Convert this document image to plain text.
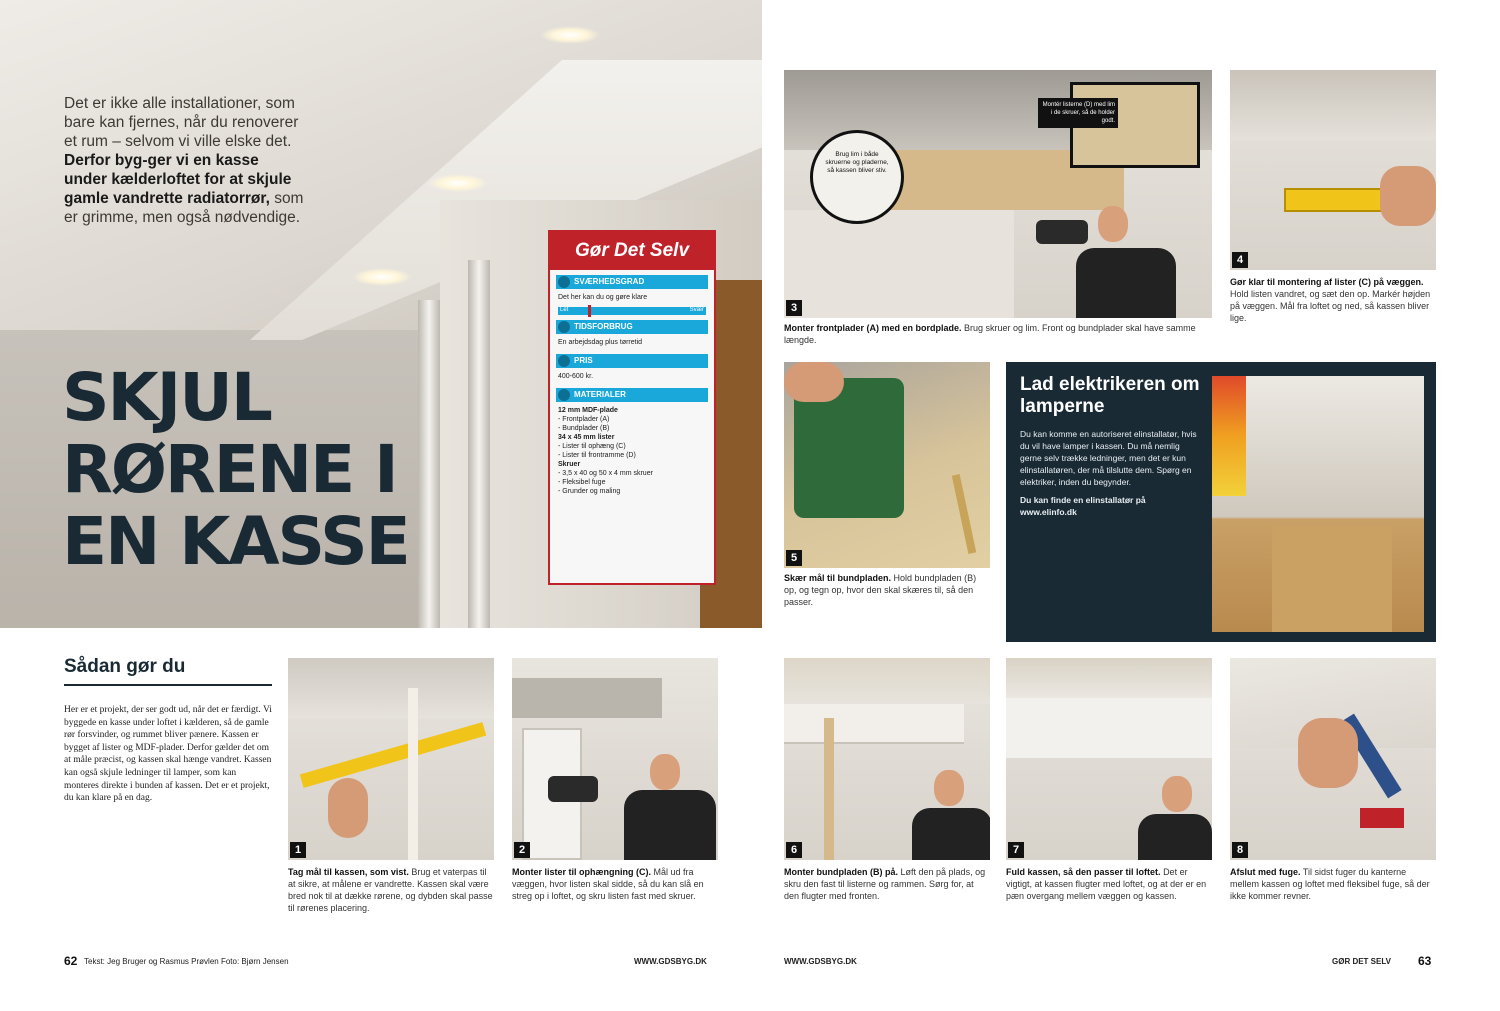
Det er ikke alle installationer, som bare kan fjernes, når du renoverer et rum – selvom vi ville elske det. Derfor byg-ger vi en kasse under kælderloftet for at skjule gamle vandrette radiatorrør, som er grimme, men også nødvendige.
SKJUL
RØRENE I
EN KASSE
Gør Det Selv
SVÆRHEDSGRAD
Det her kan du og gøre klare
Let	Svær
TIDSFORBRUG
En arbejdsdag plus tørretid
PRIS
400-600 kr.
MATERIALER
12 mm MDF-plade
- Frontplader (A)
- Bundplader (B)
34 x 45 mm lister
- Lister til ophæng (C)
- Lister til frontramme (D)
Skruer
- 3,5 x 40 og 50 x 4 mm skruer
- Fleksibel fuge
- Grunder og maling
Sådan gør du
Her er et projekt, der ser godt ud, når det er færdigt. Vi byggede en kasse under loftet i kælderen, så de gamle rør forsvinder, og rummet bliver pænere. Kassen er bygget af lister og MDF-plader. Derfor gælder det om at måle præcist, og kassen skal hænge vandret. Kassen kan også skjule ledninger til lamper, som kan monteres direkte i bunden af kassen. Det er et projekt, du kan klare på en dag.
1
Tag mål til kassen, som vist. Brug et vaterpas til at sikre, at målene er vandrette. Kassen skal være bred nok til at dække rørene, og dybden skal passe til rørenes placering.
2
Monter lister til ophængning (C). Mål ud fra væggen, hvor listen skal sidde, så du kan slå en streg op i loftet, og skru listen fast med skruer.
62 Tekst: Jeg Bruger og Rasmus Prøvlen Foto: Bjørn Jensen	WWW.GDSBYG.DK
Montér listerne (D) med lim i de skruer, så de holder godt.
Brug lim i både skruerne og pladerne, så kassen bliver stiv.
3
Monter frontplader (A) med en bordplade. Brug skruer og lim. Front og bundplader skal have samme længde.
4
Gør klar til montering af lister (C) på væggen. Hold listen vandret, og sæt den op. Markér højden på væggen. Mål fra loftet og ned, så kassen bliver lige.
5
Skær mål til bundpladen. Hold bundpladen (B) op, og tegn op, hvor den skal skæres til, så den passer.
Lad elektrikeren om lamperne
Du kan komme en autoriseret elinstallatør, hvis du vil have lamper i kassen. Du må nemlig gerne selv trække ledninger, men det er kun elinstallatøren, der må tilslutte dem. Spørg en elektriker, inden du begynder.
Du kan finde en elinstallatør på www.elinfo.dk
6
Monter bundpladen (B) på. Løft den på plads, og skru den fast til listerne og rammen. Sørg for, at den flugter med fronten.
7
Fuld kassen, så den passer til loftet. Det er vigtigt, at kassen flugter med loftet, og at der er en pæn overgang mellem væggen og kassen.
8
Afslut med fuge. Til sidst fuger du kanterne mellem kassen og loftet med fleksibel fuge, så der ikke kommer revner.
WWW.GDSBYG.DK	GØR DET SELV 63
